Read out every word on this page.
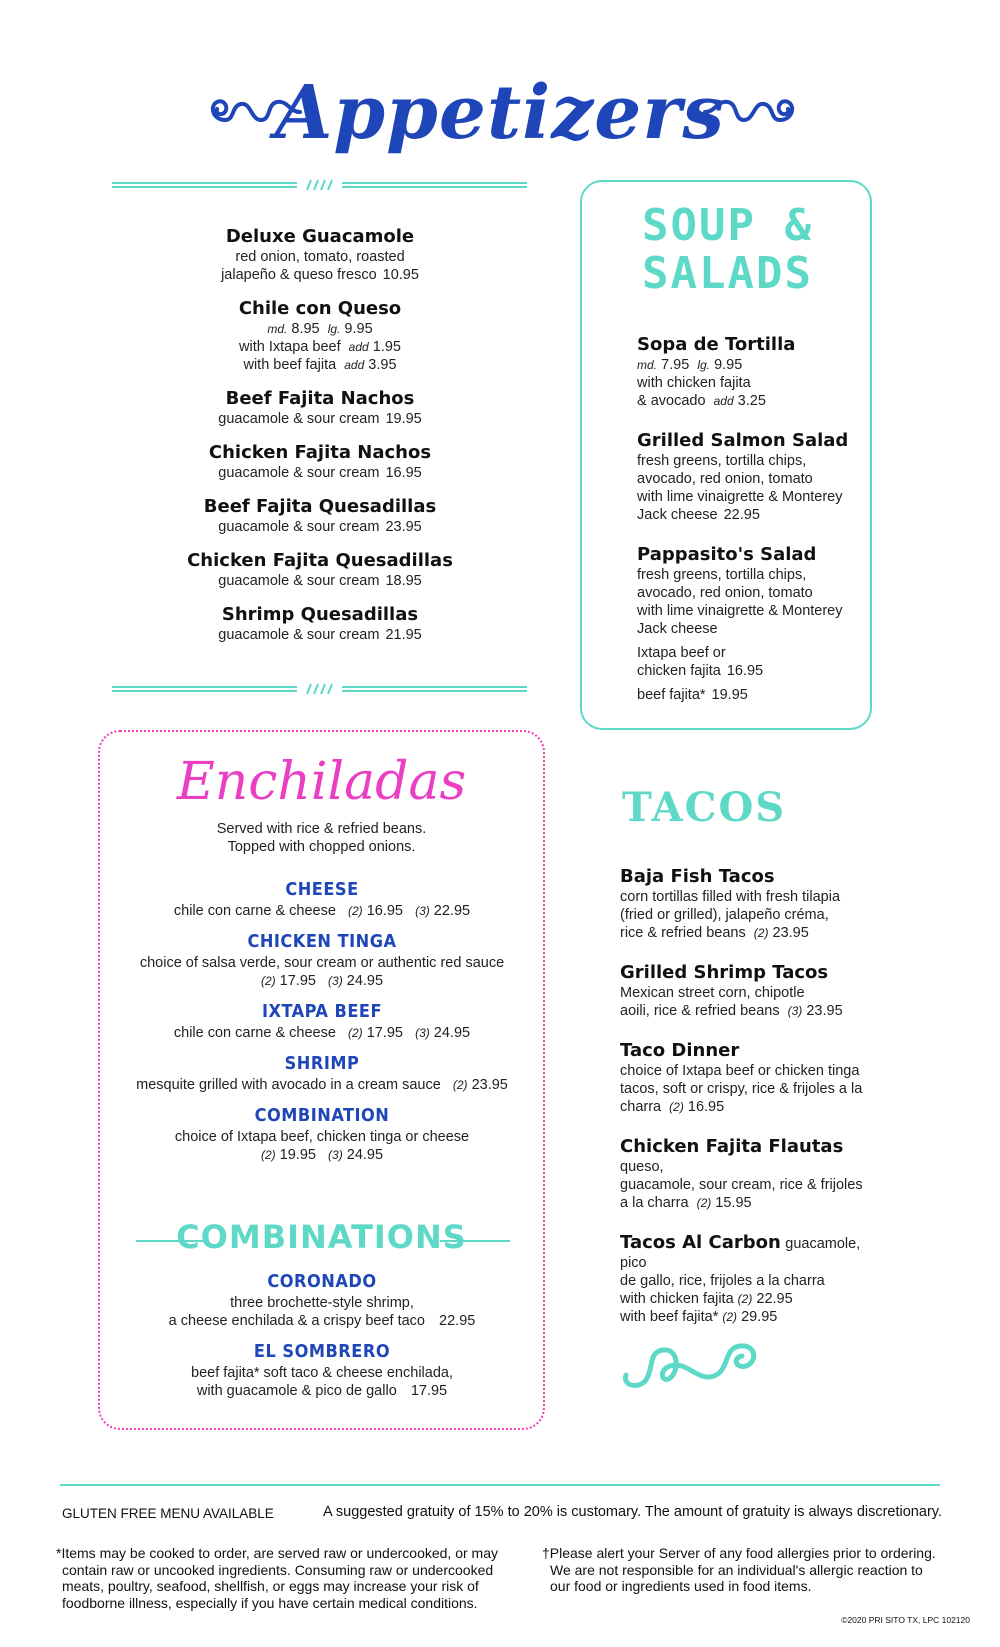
Appetizers
Deluxe Guacamole
red onion, tomato, roasted
jalapeño & queso fresco 10.95
Chile con Queso
md. 8.95 lg. 9.95
with Ixtapa beef add 1.95
with beef fajita add 3.95
Beef Fajita Nachos
guacamole & sour cream 19.95
Chicken Fajita Nachos
guacamole & sour cream 16.95
Beef Fajita Quesadillas
guacamole & sour cream 23.95
Chicken Fajita Quesadillas
guacamole & sour cream 18.95
Shrimp Quesadillas
guacamole & sour cream 21.95
SOUP &
SALADS
Sopa de Tortilla
md. 7.95 lg. 9.95
with chicken fajita
& avocado add 3.25
Grilled Salmon Salad
fresh greens, tortilla chips,
avocado, red onion, tomato
with lime vinaigrette & Monterey
Jack cheese 22.95
Pappasito's Salad
fresh greens, tortilla chips,
avocado, red onion, tomato
with lime vinaigrette & Monterey
Jack cheese
Ixtapa beef or
chicken fajita 16.95
beef fajita* 19.95
Enchiladas
Served with rice & refried beans.
Topped with chopped onions.
CHEESE
chile con carne & cheese (2) 16.95 (3) 22.95
CHICKEN TINGA
choice of salsa verde, sour cream or authentic red sauce
(2) 17.95 (3) 24.95
IXTAPA BEEF
chile con carne & cheese (2) 17.95 (3) 24.95
SHRIMP
mesquite grilled with avocado in a cream sauce (2) 23.95
COMBINATION
choice of Ixtapa beef, chicken tinga or cheese
(2) 19.95 (3) 24.95
COMBINATIONS
CORONADO
three brochette-style shrimp,
a cheese enchilada & a crispy beef taco 22.95
EL SOMBRERO
beef fajita* soft taco & cheese enchilada,
with guacamole & pico de gallo 17.95
TACOS
Baja Fish Tacos
corn tortillas filled with fresh tilapia
(fried or grilled), jalapeño créma,
rice & refried beans (2) 23.95
Grilled Shrimp Tacos
Mexican street corn, chipotle
aoili, rice & refried beans (3) 23.95
Taco Dinner
choice of Ixtapa beef or chicken tinga
tacos, soft or crispy, rice & frijoles a la
charra (2) 16.95
Chicken Fajita Flautas queso,
guacamole, sour cream, rice & frijoles
a la charra (2) 15.95
Tacos Al Carbon guacamole, pico
de gallo, rice, frijoles a la charra
with chicken fajita (2) 22.95
with beef fajita* (2) 29.95
GLUTEN FREE MENU AVAILABLE	A suggested gratuity of 15% to 20% is customary. The amount of gratuity is always discretionary.
*Items may be cooked to order, are served raw or undercooked, or may
contain raw or uncooked ingredients. Consuming raw or undercooked
meats, poultry, seafood, shellfish, or eggs may increase your risk of
foodborne illness, especially if you have certain medical conditions.
†Please alert your Server of any food allergies prior to ordering.
We are not responsible for an individual's allergic reaction to
our food or ingredients used in food items.
©2020 PRI SITO TX, LPC 102120
